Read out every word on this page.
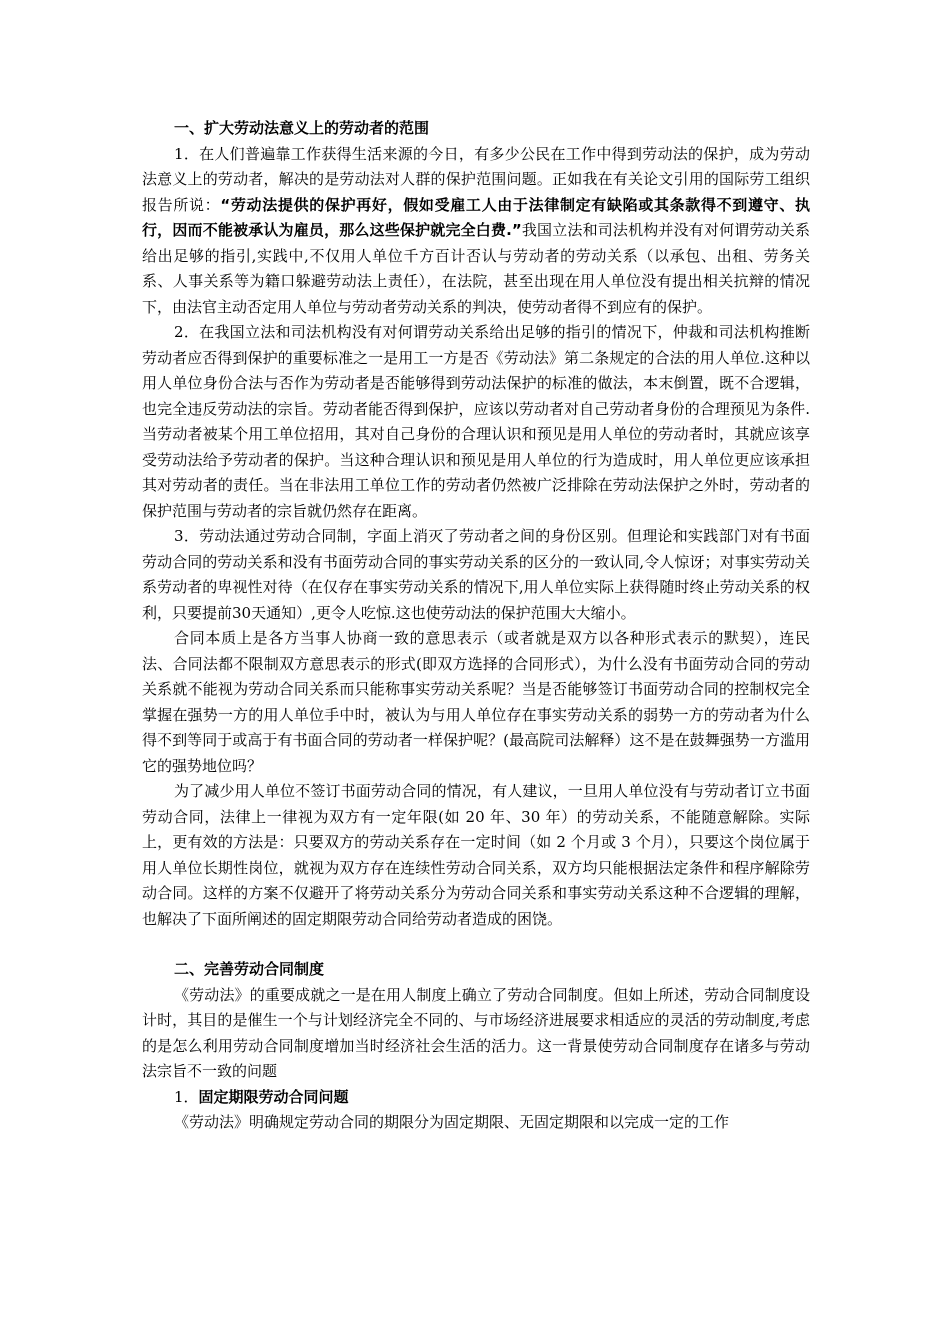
一、扩大劳动法意义上的劳动者的范围

1．在人们普遍靠工作获得生活来源的今日，有多少公民在工作中得到劳动法的保护，成为劳动法意义上的劳动者，解决的是劳动法对人群的保护范围问题。正如我在有关论文引用的国际劳工组织报告所说：“劳动法提供的保护再好，假如受雇工人由于法律制定有缺陷或其条款得不到遵守、执行，因而不能被承认为雇员，那么这些保护就完全白费.”我国立法和司法机构并没有对何谓劳动关系给出足够的指引,实践中,不仅用人单位千方百计否认与劳动者的劳动关系（以承包、出租、劳务关系、人事关系等为籍口躲避劳动法上责任），在法院，甚至出现在用人单位没有提出相关抗辩的情况下，由法官主动否定用人单位与劳动者劳动关系的判决，使劳动者得不到应有的保护。

2．在我国立法和司法机构没有对何谓劳动关系给出足够的指引的情况下，仲裁和司法机构推断劳动者应否得到保护的重要标准之一是用工一方是否《劳动法》第二条规定的合法的用人单位.这种以用人单位身份合法与否作为劳动者是否能够得到劳动法保护的标准的做法，本末倒置，既不合逻辑，也完全违反劳动法的宗旨。劳动者能否得到保护，应该以劳动者对自己劳动者身份的合理预见为条件.当劳动者被某个用工单位招用，其对自己身份的合理认识和预见是用人单位的劳动者时，其就应该享受劳动法给予劳动者的保护。当这种合理认识和预见是用人单位的行为造成时，用人单位更应该承担其对劳动者的责任。当在非法用工单位工作的劳动者仍然被广泛排除在劳动法保护之外时，劳动者的保护范围与劳动者的宗旨就仍然存在距离。

3．劳动法通过劳动合同制，字面上消灭了劳动者之间的身份区别。但理论和实践部门对有书面劳动合同的劳动关系和没有书面劳动合同的事实劳动关系的区分的一致认同,令人惊讶；对事实劳动关系劳动者的卑视性对待（在仅存在事实劳动关系的情况下,用人单位实际上获得随时终止劳动关系的权利，只要提前30天通知）,更令人吃惊.这也使劳动法的保护范围大大缩小。

合同本质上是各方当事人协商一致的意思表示（或者就是双方以各种形式表示的默契），连民法、合同法都不限制双方意思表示的形式(即双方选择的合同形式），为什么没有书面劳动合同的劳动关系就不能视为劳动合同关系而只能称事实劳动关系呢？当是否能够签订书面劳动合同的控制权完全掌握在强势一方的用人单位手中时，被认为与用人单位存在事实劳动关系的弱势一方的劳动者为什么得不到等同于或高于有书面合同的劳动者一样保护呢？(最高院司法解释）这不是在鼓舞强势一方滥用它的强势地位吗？

为了减少用人单位不签订书面劳动合同的情况，有人建议，一旦用人单位没有与劳动者订立书面劳动合同，法律上一律视为双方有一定年限(如 20 年、30 年）的劳动关系，不能随意解除。实际上，更有效的方法是：只要双方的劳动关系存在一定时间（如 2 个月或 3 个月），只要这个岗位属于用人单位长期性岗位，就视为双方存在连续性劳动合同关系，双方均只能根据法定条件和程序解除劳动合同。这样的方案不仅避开了将劳动关系分为劳动合同关系和事实劳动关系这种不合逻辑的理解，也解决了下面所阐述的固定期限劳动合同给劳动者造成的困饶。

二、完善劳动合同制度

《劳动法》的重要成就之一是在用人制度上确立了劳动合同制度。但如上所述，劳动合同制度设计时，其目的是催生一个与计划经济完全不同的、与市场经济进展要求相适应的灵活的劳动制度,考虑的是怎么利用劳动合同制度增加当时经济社会生活的活力。这一背景使劳动合同制度存在诸多与劳动法宗旨不一致的问题

1．固定期限劳动合同问题

《劳动法》明确规定劳动合同的期限分为固定期限、无固定期限和以完成一定的工作
